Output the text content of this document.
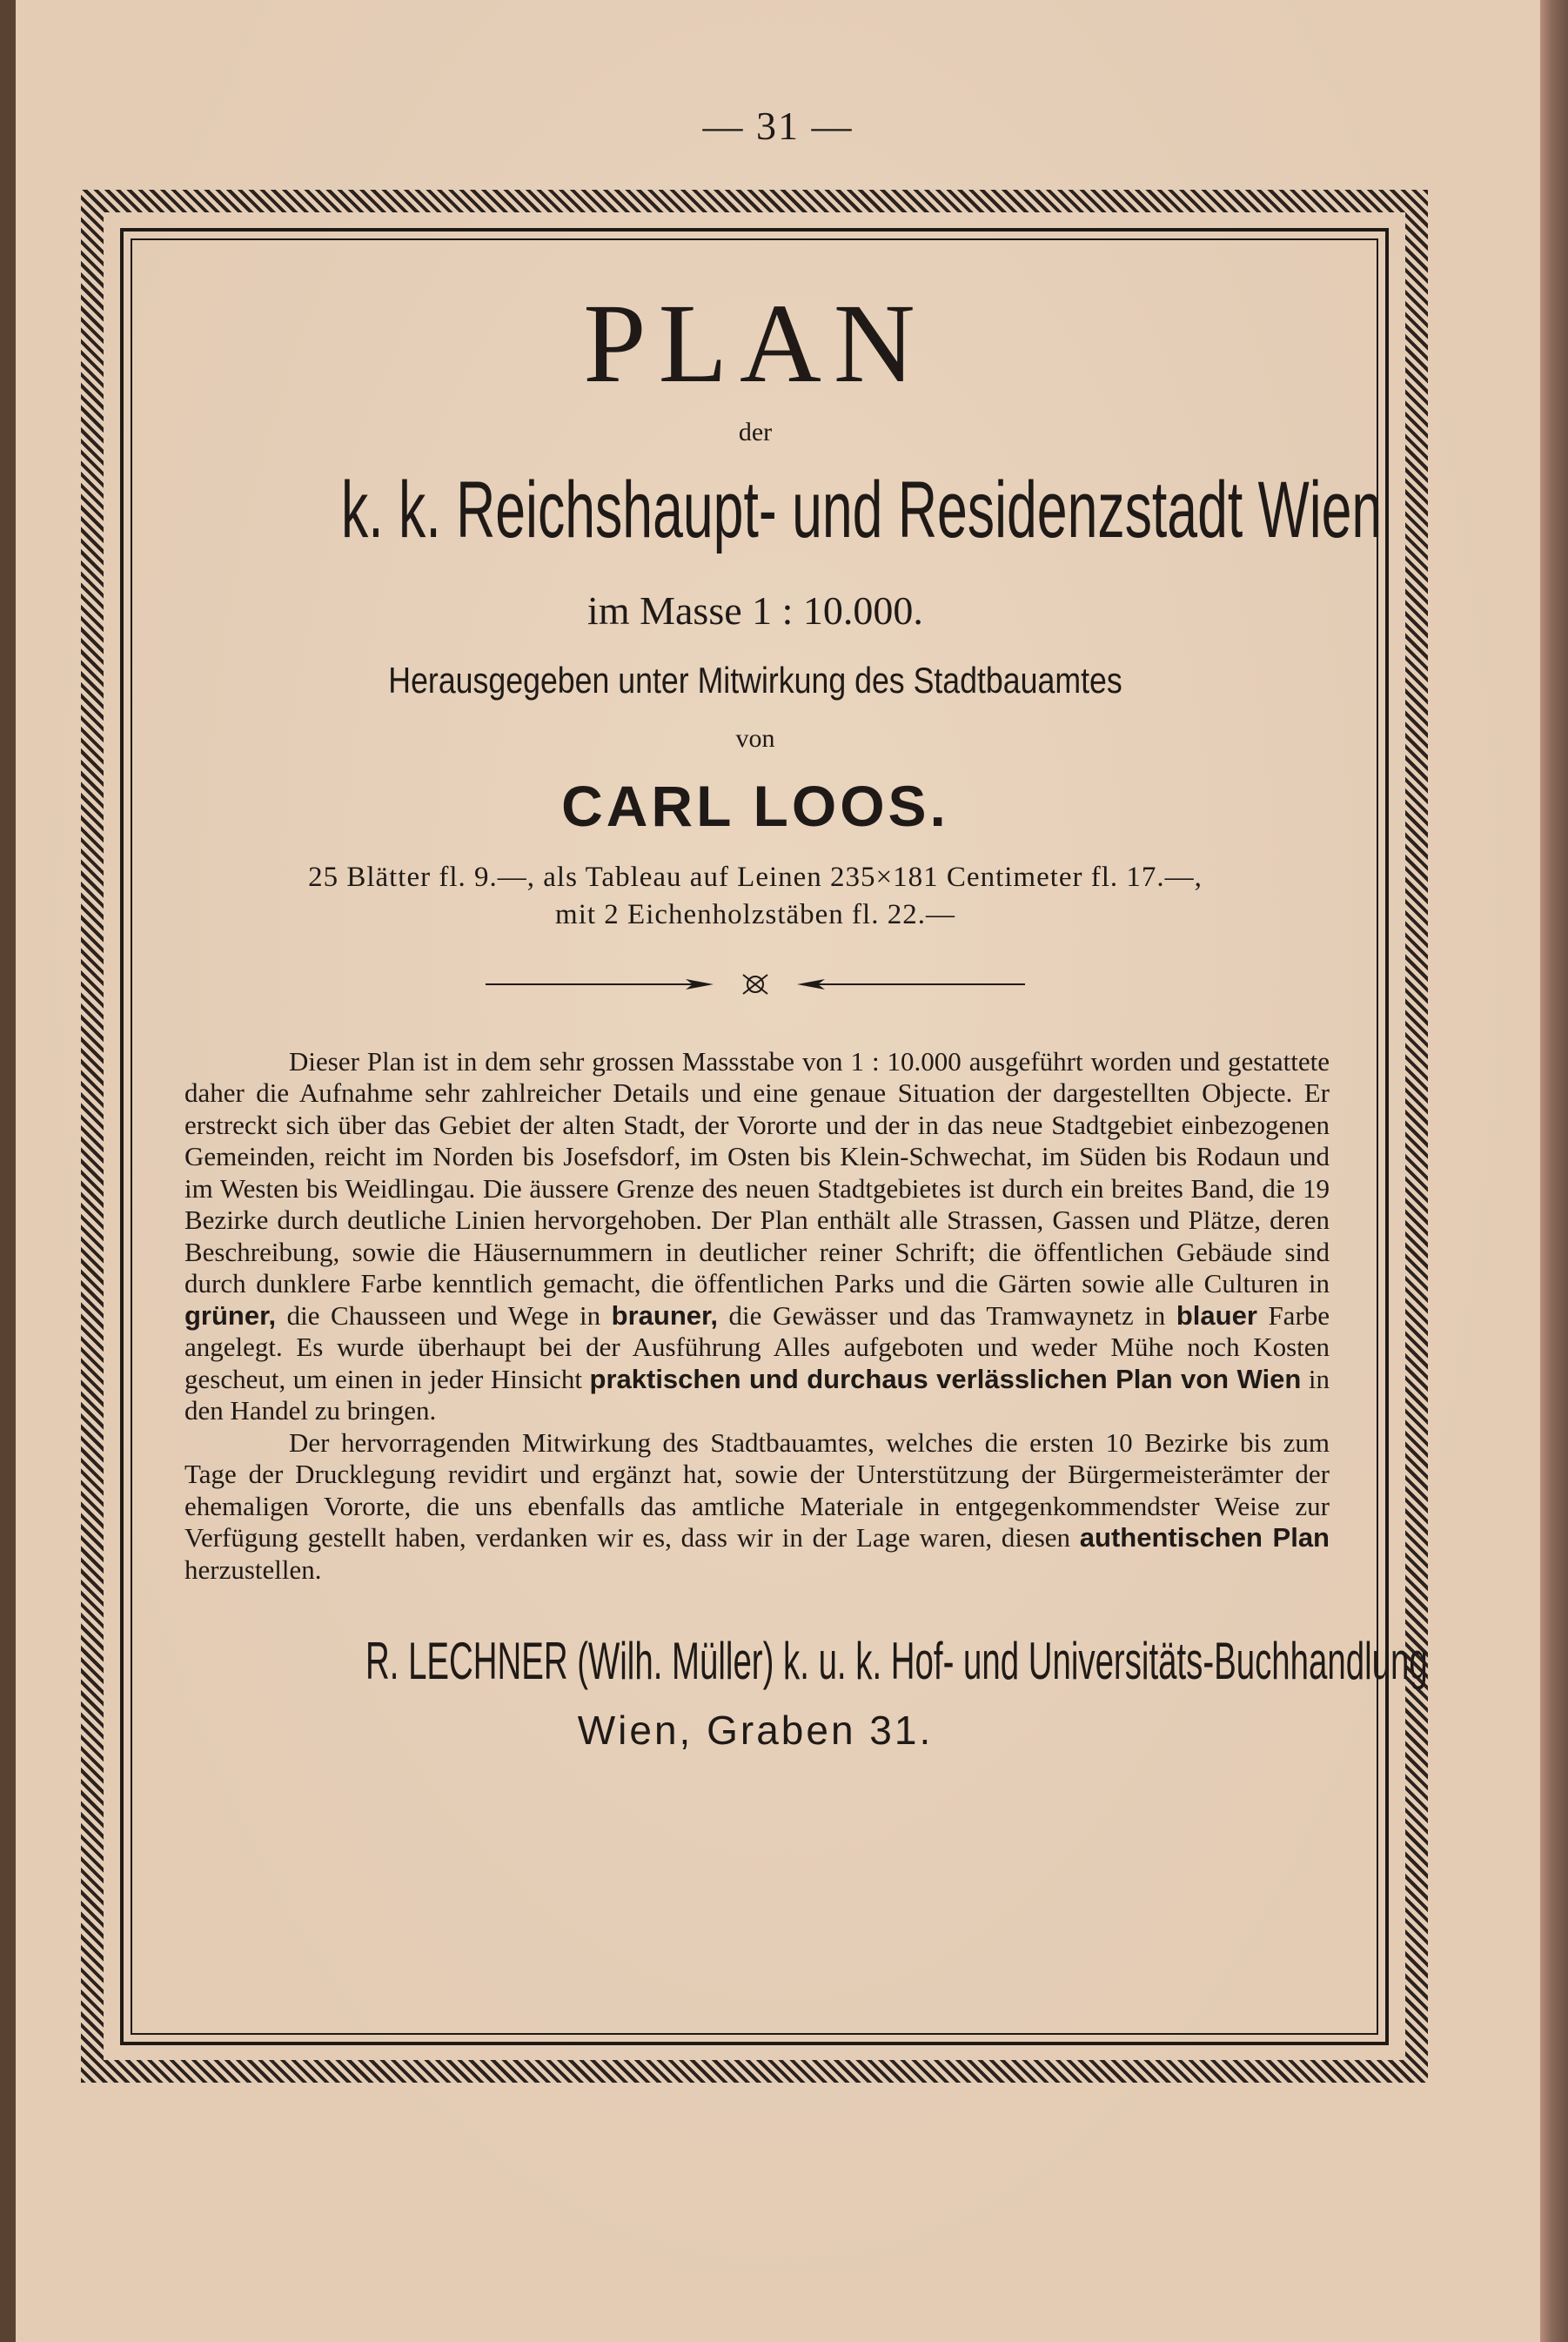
— 31 —
PLAN
der
k. k. Reichshaupt- und Residenzstadt Wien
im Masse 1 : 10.000.
Herausgegeben unter Mitwirkung des Stadtbauamtes
von
CARL LOOS.
25 Blätter fl. 9.—, als Tableau auf Leinen 235×181 Centimeter fl. 17.—,
mit 2 Eichenholzstäben fl. 22.—

Dieser Plan ist in dem sehr grossen Massstabe von 1 : 10.000 ausgeführt worden und gestattete daher die Aufnahme sehr zahlreicher Details und eine genaue Situation der dargestellten Objecte. Er erstreckt sich über das Gebiet der alten Stadt, der Vororte und der in das neue Stadtgebiet einbezogenen Gemeinden, reicht im Norden bis Josefsdorf, im Osten bis Klein-Schwechat, im Süden bis Rodaun und im Westen bis Weidlingau. Die äussere Grenze des neuen Stadtgebietes ist durch ein breites Band, die 19 Bezirke durch deutliche Linien hervorgehoben. Der Plan enthält alle Strassen, Gassen und Plätze, deren Beschreibung, sowie die Häusernummern in deutlicher reiner Schrift; die öffentlichen Gebäude sind durch dunklere Farbe kenntlich gemacht, die öffentlichen Parks und die Gärten sowie alle Culturen in grüner, die Chausseen und Wege in brauner, die Gewässer und das Tramwaynetz in blauer Farbe angelegt. Es wurde überhaupt bei der Ausführung Alles aufgeboten und weder Mühe noch Kosten gescheut, um einen in jeder Hinsicht praktischen und durchaus verlässlichen Plan von Wien in den Handel zu bringen.

Der hervorragenden Mitwirkung des Stadtbauamtes, welches die ersten 10 Bezirke bis zum Tage der Drucklegung revidirt und ergänzt hat, sowie der Unterstützung der Bürgermeisterämter der ehemaligen Vororte, die uns ebenfalls das amtliche Materiale in entgegenkommendster Weise zur Verfügung gestellt haben, verdanken wir es, dass wir in der Lage waren, diesen authentischen Plan herzustellen.

R. LECHNER (Wilh. Müller) k. u. k. Hof- und Universitäts-Buchhandlung
Wien, Graben 31.
